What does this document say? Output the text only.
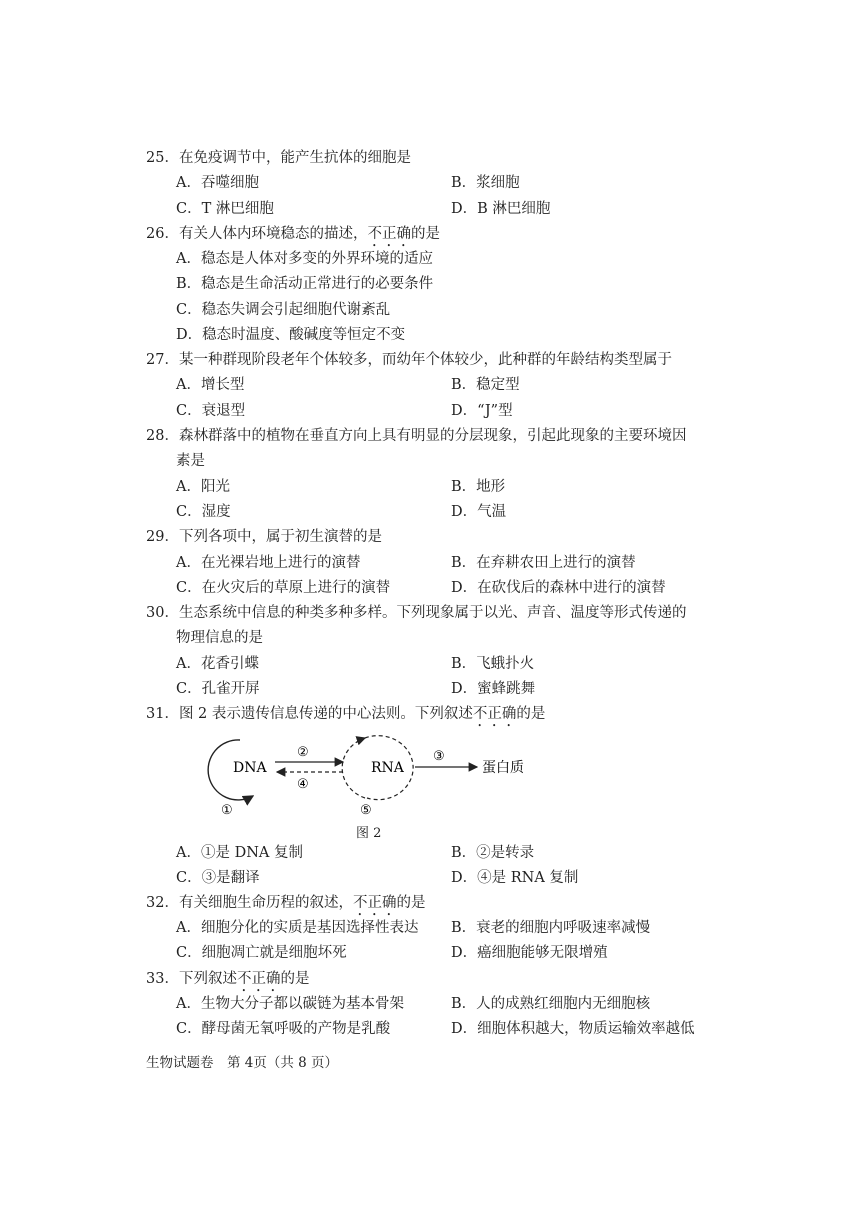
25．在免疫调节中，能产生抗体的细胞是
A．吞噬细胞	B．浆细胞
C．T 淋巴细胞	D．B 淋巴细胞
26．有关人体内环境稳态的描述，不正确的是
A．稳态是人体对多变的外界环境的适应
B．稳态是生命活动正常进行的必要条件
C．稳态失调会引起细胞代谢紊乱
D．稳态时温度、酸碱度等恒定不变
27．某一种群现阶段老年个体较多，而幼年个体较少，此种群的年龄结构类型属于
A．增长型	B．稳定型
C．衰退型	D．“J”型
28．森林群落中的植物在垂直方向上具有明显的分层现象，引起此现象的主要环境因
素是
A．阳光	B．地形
C．湿度	D．气温
29．下列各项中，属于初生演替的是
A．在光裸岩地上进行的演替	B．在弃耕农田上进行的演替
C．在火灾后的草原上进行的演替	D．在砍伐后的森林中进行的演替
30．生态系统中信息的种类多种多样。下列现象属于以光、声音、温度等形式传递的
物理信息的是
A．花香引蝶	B．飞蛾扑火
C．孔雀开屏	D．蜜蜂跳舞
31．图 2 表示遗传信息传递的中心法则。下列叙述不正确的是
DNA
②
④
RNA
③
蛋白质
①	⑤
图 2
A．①是 DNA 复制	B．②是转录
C．③是翻译	D．④是 RNA 复制
32．有关细胞生命历程的叙述，不正确的是
A．细胞分化的实质是基因选择性表达 B．衰老的细胞内呼吸速率减慢
C．细胞凋亡就是细胞坏死	D．癌细胞能够无限增殖
33．下列叙述不正确的是
A．生物大分子都以碳链为基本骨架	B．人的成熟红细胞内无细胞核
C．酵母菌无氧呼吸的产物是乳酸	D．细胞体积越大，物质运输效率越低
生物试题卷　第 4页（共 8 页）
